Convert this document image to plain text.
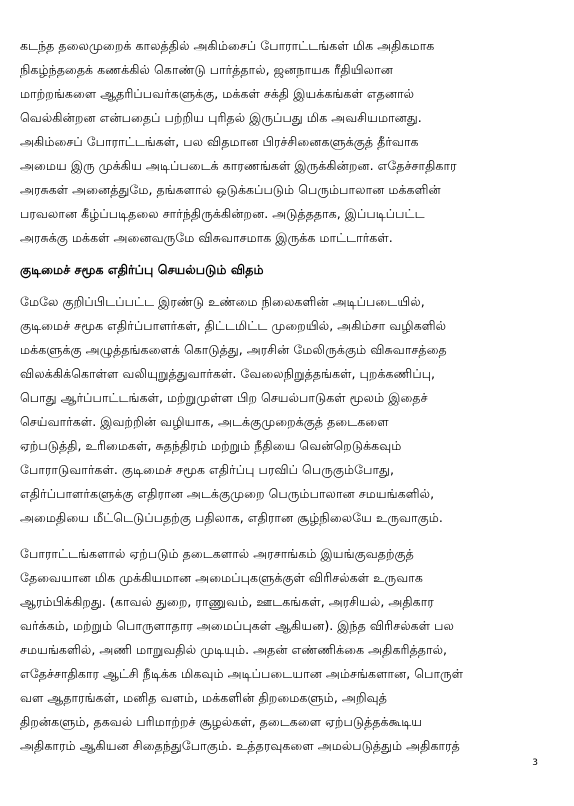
கடந்த தலைமுறைக் காலத்தில் அகிம்சைப் போராட்டங்கள் மிக அதிகமாக
நிகழ்ந்ததைக் கணக்கில் கொண்டு பார்த்தால், ஜனநாயக ரீதியிலான
மாற்றங்களை ஆதரிப்பவர்களுக்கு, மக்கள் சக்தி இயக்கங்கள் எதனால்
வெல்கின்றன என்பதைப் பற்றிய புரிதல் இருப்பது மிக அவசியமானது.
அகிம்சைப் போராட்டங்கள், பல விதமான பிரச்சினைகளுக்குத் தீர்வாக
அமைய இரு முக்கிய அடிப்படைக் காரணங்கள் இருக்கின்றன. எதேச்சாதிகார
அரசுகள் அனைத்துமே, தங்களால் ஒடுக்கப்படும் பெரும்பாலான மக்களின்
பரவலான கீழ்ப்படிதலை சார்ந்திருக்கின்றன. அடுத்ததாக, இப்படிப்பட்ட
அரசுக்கு மக்கள் அனைவருமே விசுவாசமாக இருக்க மாட்டார்கள்.
குடிமைச் சமூக எதிர்ப்பு செயல்படும் விதம்
மேலே குறிப்பிடப்பட்ட இரண்டு உண்மை நிலைகளின் அடிப்படையில்,
குடிமைச் சமூக எதிர்ப்பாளர்கள், திட்டமிட்ட முறையில், அகிம்சா வழிகளில்
மக்களுக்கு அழுத்தங்களைக் கொடுத்து, அரசின் மேலிருக்கும் விசுவாசத்தை
விலக்கிக்கொள்ள வலியுறுத்துவார்கள். வேலைநிறுத்தங்கள், புறக்கணிப்பு,
பொது ஆர்ப்பாட்டங்கள், மற்றுமுள்ள பிற செயல்பாடுகள் மூலம் இதைச்
செய்வார்கள். இவற்றின் வழியாக, அடக்குமுறைக்குத் தடைகளை
ஏற்படுத்தி, உரிமைகள், சுதந்திரம் மற்றும் நீதியை வென்றெடுக்கவும்
போராடுவார்கள். குடிமைச் சமூக எதிர்ப்பு பரவிப் பெருகும்போது,
எதிர்ப்பாளர்களுக்கு எதிரான அடக்குமுறை பெரும்பாலான சமயங்களில்,
அமைதியை மீட்டெடுப்பதற்கு பதிலாக, எதிரான சூழ்நிலையே உருவாகும்.
போராட்டங்களால் ஏற்படும் தடைகளால் அரசாங்கம் இயங்குவதற்குத்
தேவையான மிக முக்கியமான அமைப்புகளுக்குள் விரிசல்கள் உருவாக
ஆரம்பிக்கிறது. (காவல் துறை, ராணுவம், ஊடகங்கள், அரசியல், அதிகார
வர்க்கம், மற்றும் பொருளாதார அமைப்புகள் ஆகியன). இந்த விரிசல்கள் பல
சமயங்களில், அணி மாறுவதில் முடியும். அதன் எண்ணிக்கை அதிகரித்தால்,
எதேச்சாதிகார ஆட்சி நீடிக்க மிகவும் அடிப்படையான அம்சங்களான, பொருள்
வள ஆதாரங்கள், மனித வளம், மக்களின் திறமைகளும், அறிவுத்
திறன்களும், தகவல் பரிமாற்றச் சூழல்கள், தடைகளை ஏற்படுத்தக்கூடிய
அதிகாரம் ஆகியன சிதைந்துபோகும். உத்தரவுகளை அமல்படுத்தும் அதிகாரத்
3
